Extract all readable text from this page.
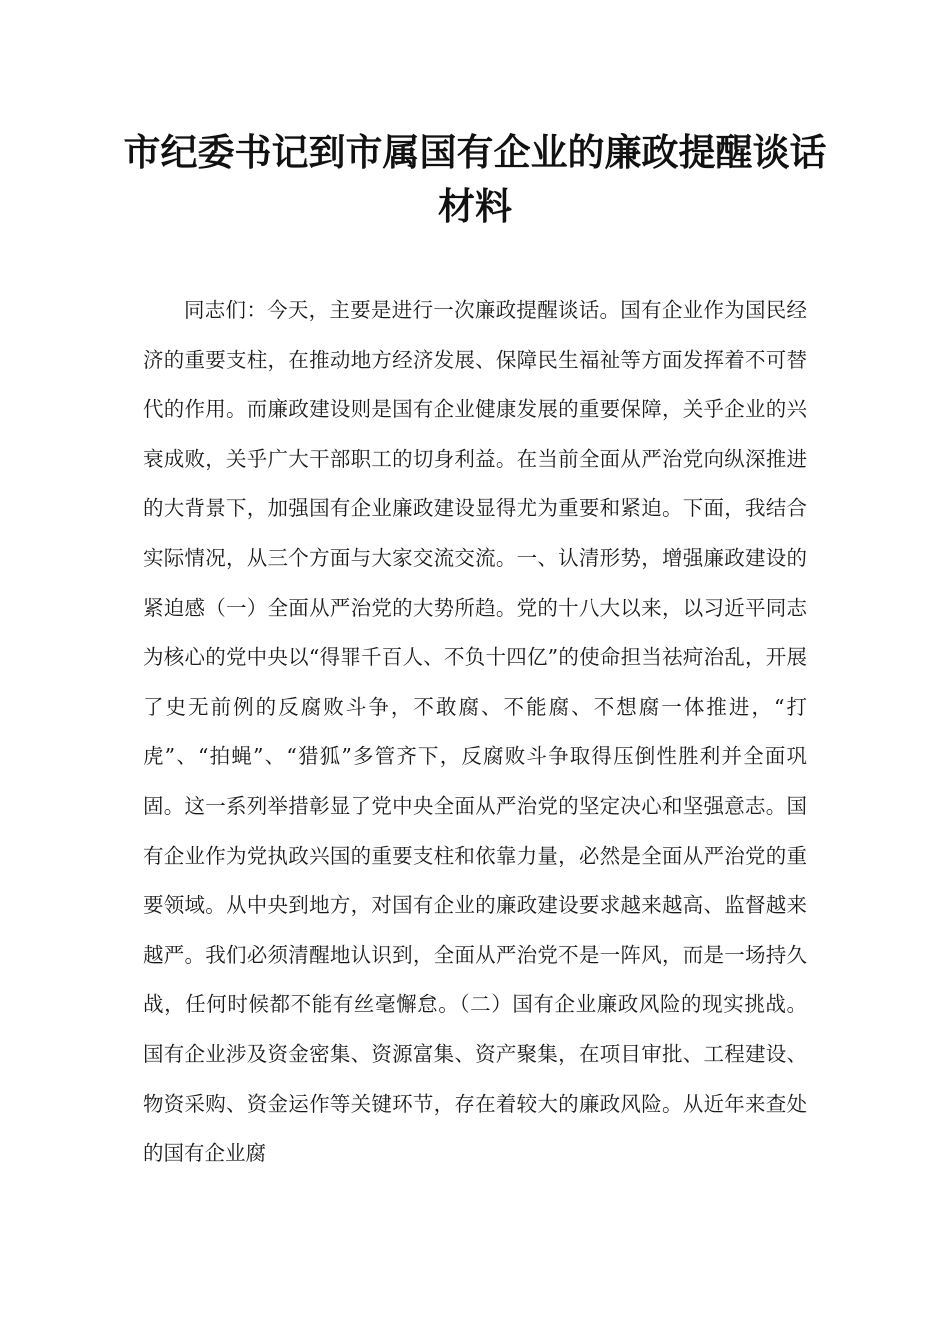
市纪委书记到市属国有企业的廉政提醒谈话材料

同志们：今天，主要是进行一次廉政提醒谈话。国有企业作为国民经济的重要支柱，在推动地方经济发展、保障民生福祉等方面发挥着不可替代的作用。而廉政建设则是国有企业健康发展的重要保障，关乎企业的兴衰成败，关乎广大干部职工的切身利益。在当前全面从严治党向纵深推进的大背景下，加强国有企业廉政建设显得尤为重要和紧迫。下面，我结合实际情况，从三个方面与大家交流交流。一、认清形势，增强廉政建设的紧迫感（一）全面从严治党的大势所趋。党的十八大以来，以习近平同志为核心的党中央以“得罪千百人、不负十四亿”的使命担当祛疴治乱，开展了史无前例的反腐败斗争，不敢腐、不能腐、不想腐一体推进，“打虎”、“拍蝇”、“猎狐”多管齐下，反腐败斗争取得压倒性胜利并全面巩固。这一系列举措彰显了党中央全面从严治党的坚定决心和坚强意志。国有企业作为党执政兴国的重要支柱和依靠力量，必然是全面从严治党的重要领域。从中央到地方，对国有企业的廉政建设要求越来越高、监督越来越严。我们必须清醒地认识到，全面从严治党不是一阵风，而是一场持久战，任何时候都不能有丝毫懈怠。（二）国有企业廉政风险的现实挑战。国有企业涉及资金密集、资源富集、资产聚集，在项目审批、工程建设、物资采购、资金运作等关键环节，存在着较大的廉政风险。从近年来查处的国有企业腐
